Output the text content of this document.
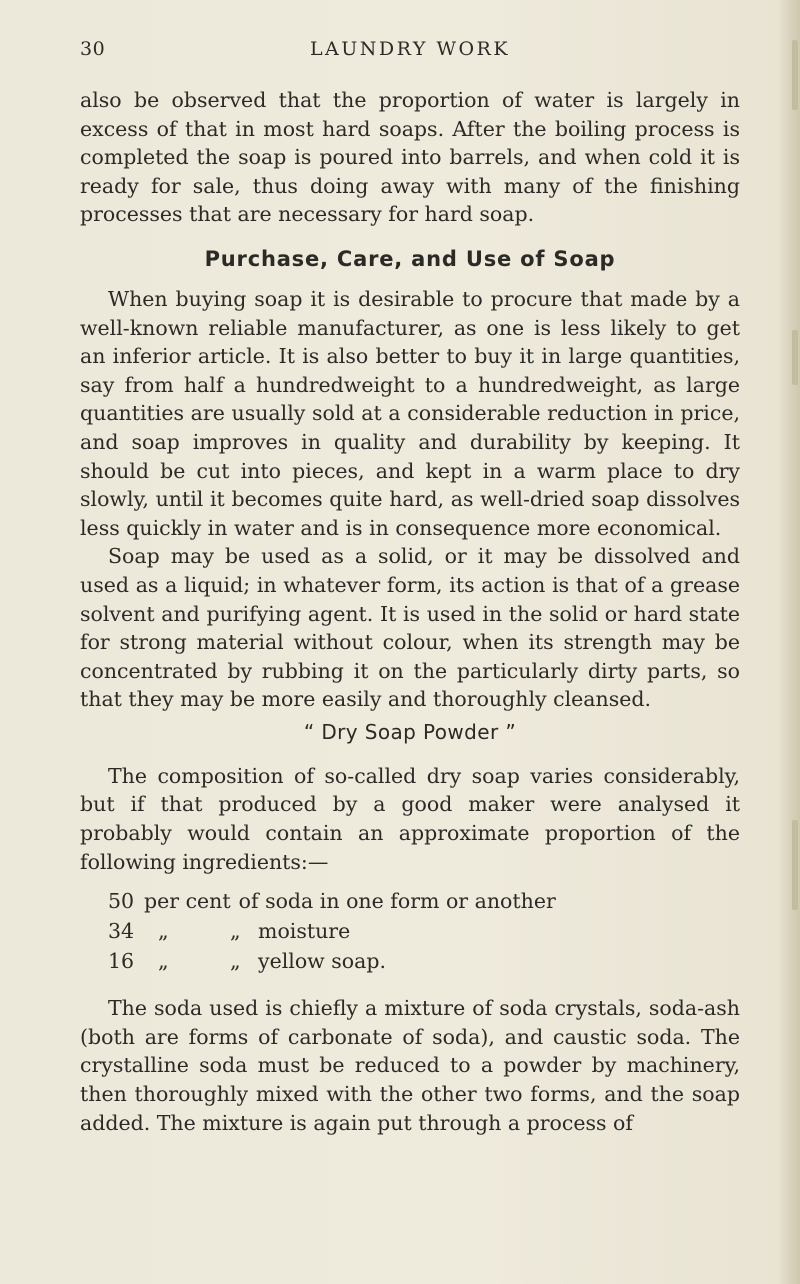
30	LAUNDRY WORK

also be observed that the proportion of water is largely in excess of that in most hard soaps. After the boiling process is completed the soap is poured into barrels, and when cold it is ready for sale, thus doing away with many of the finishing processes that are necessary for hard soap.

Purchase, Care, and Use of Soap

When buying soap it is desirable to procure that made by a well-known reliable manufacturer, as one is less likely to get an inferior article. It is also better to buy it in large quantities, say from half a hundredweight to a hundredweight, as large quantities are usually sold at a considerable reduction in price, and soap improves in quality and durability by keeping. It should be cut into pieces, and kept in a warm place to dry slowly, until it becomes quite hard, as well-dried soap dissolves less quickly in water and is in consequence more economical.

Soap may be used as a solid, or it may be dissolved and used as a liquid; in whatever form, its action is that of a grease solvent and purifying agent. It is used in the solid or hard state for strong material without colour, when its strength may be concentrated by rubbing it on the particularly dirty parts, so that they may be more easily and thoroughly cleansed.

“ Dry Soap Powder ”

The composition of so-called dry soap varies considerably, but if that produced by a good maker were analysed it probably would contain an approximate proportion of the following ingredients:—

50 per cent of soda in one form or another
34	„	„ moisture
16	„	„ yellow soap.

The soda used is chiefly a mixture of soda crystals, soda-ash (both are forms of carbonate of soda), and caustic soda. The crystalline soda must be reduced to a powder by machinery, then thoroughly mixed with the other two forms, and the soap added. The mixture is again put through a process of
